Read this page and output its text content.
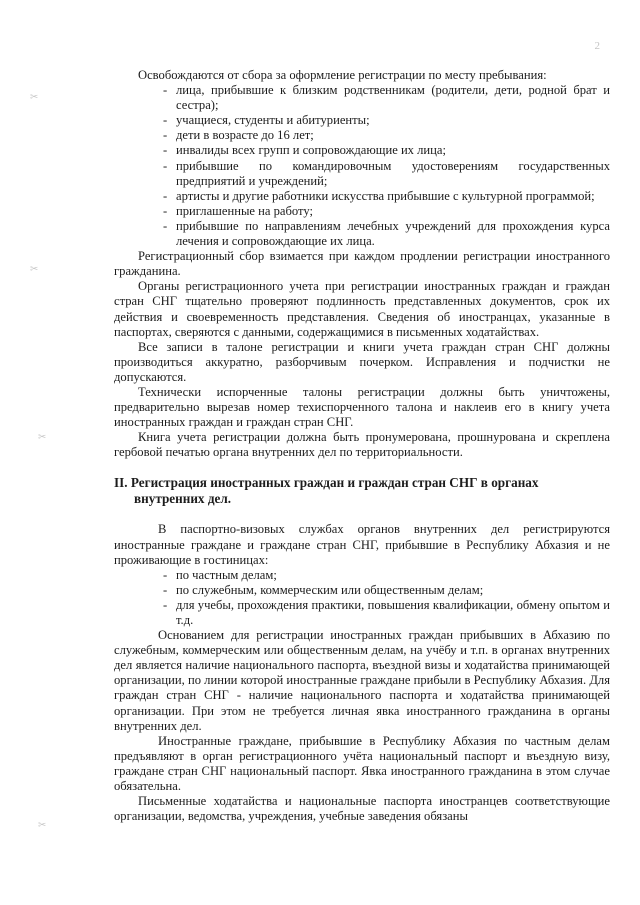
2
✂
✂
✂
✂

Освобождаются от сбора за оформление регистрации по месту пребывания:

- лица, прибывшие к близким родственникам (родители, дети, родной брат и сестра);
- учащиеся, студенты и абитуриенты;
- дети в возрасте до 16 лет;
- инвалиды всех групп и сопровождающие их лица;
- прибывшие по командировочным удостоверениям государственных предприятий и учреждений;
- артисты и другие работники искусства прибывшие с культурной программой;
- приглашенные на работу;
- прибывшие по направлениям лечебных учреждений для прохождения курса лечения и сопровождающие их лица.

Регистрационный сбор взимается при каждом продлении регистрации иностранного гражданина.

Органы регистрационного учета при регистрации иностранных граждан и граждан стран СНГ тщательно проверяют подлинность представленных документов, срок их действия и своевременность представления. Сведения об иностранцах, указанные в паспортах, сверяются с данными, содержащимися в письменных ходатайствах.

Все записи в талоне регистрации и книги учета граждан стран СНГ должны производиться аккуратно, разборчивым почерком. Исправления и подчистки не допускаются.

Технически испорченные талоны регистрации должны быть уничтожены, предварительно вырезав номер техиспорченного талона и наклеив его в книгу учета иностранных граждан и граждан стран СНГ.

Книга учета регистрации должна быть пронумерована, прошнурована и скреплена гербовой печатью органа внутренних дел по территориальности.

II. Регистрация иностранных граждан и граждан стран СНГ в органах
внутренних дел.

В паспортно-визовых службах органов внутренних дел регистрируются иностранные граждане и граждане стран СНГ, прибывшие в Республику Абхазия и не проживающие в гостиницах:

- по частным делам;
- по служебным, коммерческим или общественным делам;
- для учебы, прохождения практики, повышения квалификации, обмену опытом и т.д.

Основанием для регистрации иностранных граждан прибывших в Абхазию по служебным, коммерческим или общественным делам, на учёбу и т.п. в органах внутренних дел является наличие национального паспорта, въездной визы и ходатайства принимающей организации, по линии которой иностранные граждане прибыли в Республику Абхазия. Для граждан стран СНГ - наличие национального паспорта и ходатайства принимающей организации. При этом не требуется личная явка иностранного гражданина в органы внутренних дел.

Иностранные граждане, прибывшие в Республику Абхазия по частным делам предъявляют в орган регистрационного учёта национальный паспорт и въездную визу, граждане стран СНГ национальный паспорт. Явка иностранного гражданина в этом случае обязательна.

Письменные ходатайства и национальные паспорта иностранцев соответствующие организации, ведомства, учреждения, учебные заведения обязаны
